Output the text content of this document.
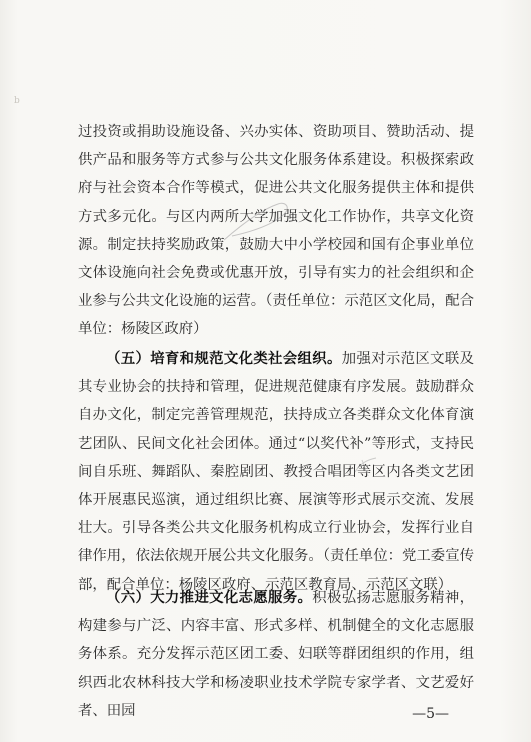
b

过投资或捐助设施设备、兴办实体、资助项目、赞助活动、提供产品和服务等方式参与公共文化服务体系建设。积极探索政府与社会资本合作等模式，促进公共文化服务提供主体和提供方式多元化。与区内两所大学加强文化工作协作，共享文化资源。制定扶持奖励政策，鼓励大中小学校园和国有企事业单位文体设施向社会免费或优惠开放，引导有实力的社会组织和企业参与公共文化设施的运营。（责任单位：示范区文化局，配合单位：杨陵区政府）

（五）培育和规范文化类社会组织。加强对示范区文联及其专业协会的扶持和管理，促进规范健康有序发展。鼓励群众自办文化，制定完善管理规范，扶持成立各类群众文化体育演艺团队、民间文化社会团体。通过“以奖代补”等形式，支持民间自乐班、舞蹈队、秦腔剧团、教授合唱团等区内各类文艺团体开展惠民巡演，通过组织比赛、展演等形式展示交流、发展壮大。引导各类公共文化服务机构成立行业协会，发挥行业自律作用，依法依规开展公共文化服务。（责任单位：党工委宣传部，配合单位：杨陵区政府、示范区教育局、示范区文联）

（六）大力推进文化志愿服务。积极弘扬志愿服务精神，构建参与广泛、内容丰富、形式多样、机制健全的文化志愿服务体系。充分发挥示范区团工委、妇联等群团组织的作用，组织西北农林科技大学和杨凌职业技术学院专家学者、文艺爱好者、田园	—5—
